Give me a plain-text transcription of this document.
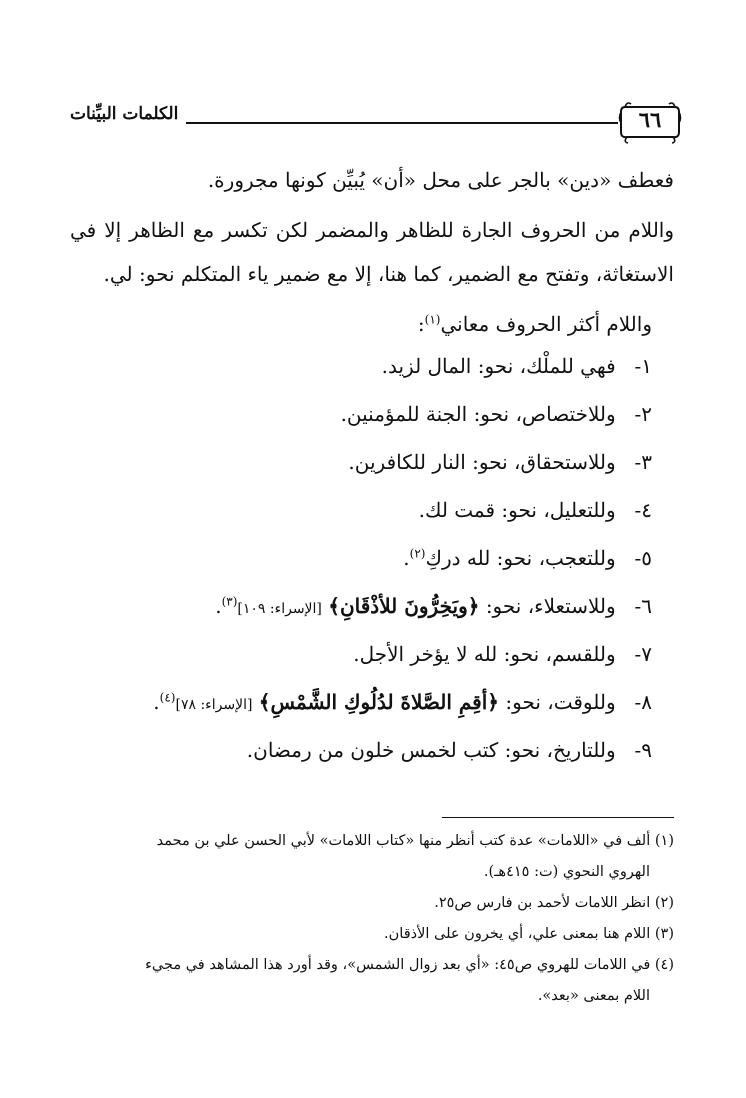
الكلمات البيِّنات	٦٦

فعطف «دين» بالجر على محل «أن» يُبيِّن كونها مجرورة.

واللام من الحروف الجارة للظاهر والمضمر لكن تكسر مع الظاهر إلا في الاستغاثة، وتفتح مع الضمير، كما هنا، إلا مع ضمير ياء المتكلم نحو: لي.

واللام أكثر الحروف معاني$^{(١)}$:

١- فهي للملْك، نحو: المال لزيد.
٢- وللاختصاص، نحو: الجنة للمؤمنين.
٣- وللاستحقاق، نحو: النار للكافرين.
٤- وللتعليل، نحو: قمت لك.
٥- وللتعجب، نحو: لله دركِ$^{(٢)}$.
٦- وللاستعلاء، نحو: ﴿ويَخِرُّونَ للأذْقَانِ﴾ [الإسراء: ١٠٩]$^{(٣)}$.
٧- وللقسم، نحو: لله لا يؤخر الأجل.
٨- وللوقت، نحو: ﴿أقِمِ الصَّلاةَ لدُلُوكِ الشَّمْسِ﴾ [الإسراء: ٧٨]$^{(٤)}$.
٩- وللتاريخ، نحو: كتب لخمس خلون من رمضان.

(١) ألف في «اللامات» عدة كتب أنظر منها «كتاب اللامات» لأبي الحسن علي بن محمد
الهروي النحوي (ت: ٤١٥هـ).

(٢) انظر اللامات لأحمد بن فارس ص٢٥.

(٣) اللام هنا بمعنى علي، أي يخرون على الأذقان.

(٤) في اللامات للهروي ص٤٥: «أي بعد زوال الشمس»، وقد أورد هذا المشاهد في مجيء
اللام بمعنى «بعد».
